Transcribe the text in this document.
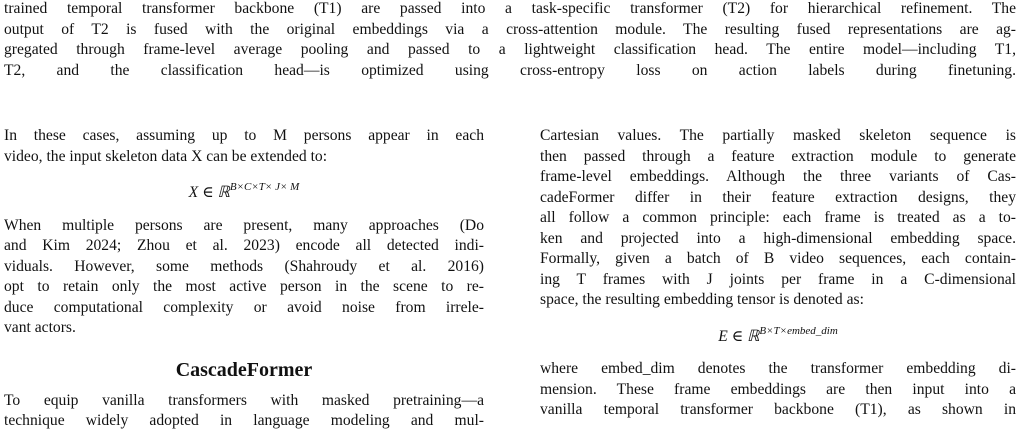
trained temporal transformer backbone (T1) are passed into a task-specific transformer (T2) for hierarchical refinement. The
output of T2 is fused with the original embeddings via a cross-attention module. The resulting fused representations are ag-
gregated through frame-level average pooling and passed to a lightweight classification head. The entire model—including T1,
T2, and the classification head—is optimized using cross-entropy loss on action labels during finetuning.
In these cases, assuming up to M persons appear in each
video, the input skeleton data X can be extended to:
X ∈ ℝ$^{B\times C\times T\times J\times M}$
When multiple persons are present, many approaches (Do
and Kim 2024; Zhou et al. 2023) encode all detected indi-
viduals. However, some methods (Shahroudy et al. 2016)
opt to retain only the most active person in the scene to re-
duce computational complexity or avoid noise from irrele-
vant actors.
CascadeFormer
To equip vanilla transformers with masked pretraining—a
technique widely adopted in language modeling and mul-
Cartesian values. The partially masked skeleton sequence is
then passed through a feature extraction module to generate
frame-level embeddings. Although the three variants of Cas-
cadeFormer differ in their feature extraction designs, they
all follow a common principle: each frame is treated as a to-
ken and projected into a high-dimensional embedding space.
Formally, given a batch of B video sequences, each contain-
ing T frames with J joints per frame in a C-dimensional
space, the resulting embedding tensor is denoted as:
E ∈ ℝ$^{B\times T\times embed\_dim}$
where embed_dim denotes the transformer embedding di-
mension. These frame embeddings are then input into a
vanilla temporal transformer backbone (T1), as shown in
